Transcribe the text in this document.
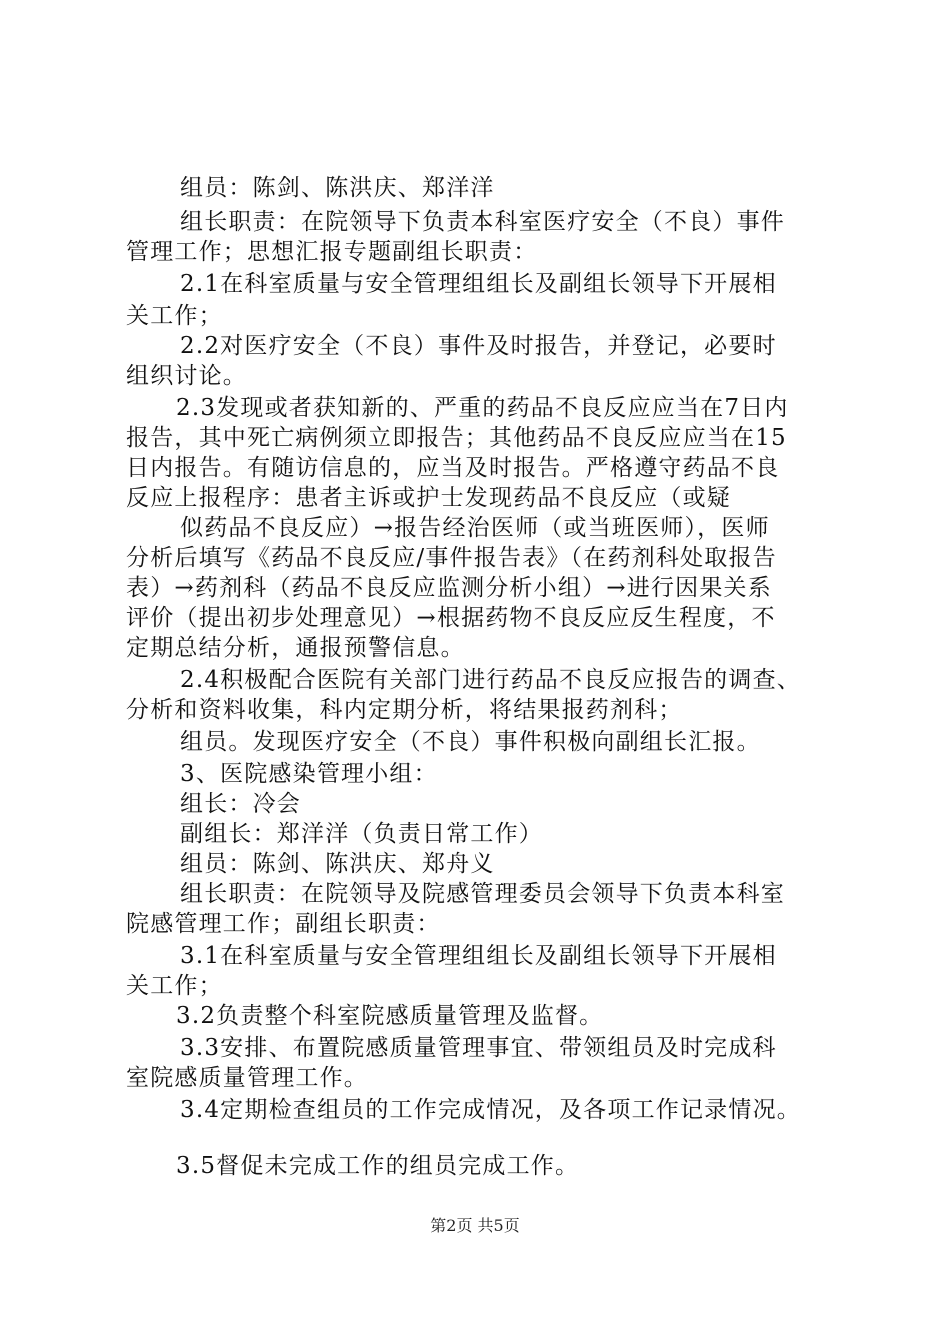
组员：陈剑、陈洪庆、郑洋洋

组长职责：在院领导下负责本科室医疗安全（不良）事件

管理工作；思想汇报专题副组长职责：

2.1在科室质量与安全管理组组长及副组长领导下开展相

关工作；

2.2对医疗安全（不良）事件及时报告，并登记，必要时

组织讨论。

2.3发现或者获知新的、严重的药品不良反应应当在7日内

报告，其中死亡病例须立即报告；其他药品不良反应应当在15

日内报告。有随访信息的，应当及时报告。严格遵守药品不良

反应上报程序：患者主诉或护士发现药品不良反应（或疑

似药品不良反应）→报告经治医师（或当班医师），医师

分析后填写《药品不良反应/事件报告表》（在药剂科处取报告

表）→药剂科（药品不良反应监测分析小组）→进行因果关系

评价（提出初步处理意见）→根据药物不良反应反生程度，不

定期总结分析，通报预警信息。

2.4积极配合医院有关部门进行药品不良反应报告的调查、

分析和资料收集，科内定期分析，将结果报药剂科；

组员。发现医疗安全（不良）事件积极向副组长汇报。

3、医院感染管理小组：

组长：冷会

副组长：郑洋洋（负责日常工作）

组员：陈剑、陈洪庆、郑舟义

组长职责：在院领导及院感管理委员会领导下负责本科室

院感管理工作；副组长职责：

3.1在科室质量与安全管理组组长及副组长领导下开展相

关工作；

3.2负责整个科室院感质量管理及监督。

3.3安排、布置院感质量管理事宜、带领组员及时完成科

室院感质量管理工作。

3.4定期检查组员的工作完成情况，及各项工作记录情况。

3.5督促未完成工作的组员完成工作。

第2页 共5页
